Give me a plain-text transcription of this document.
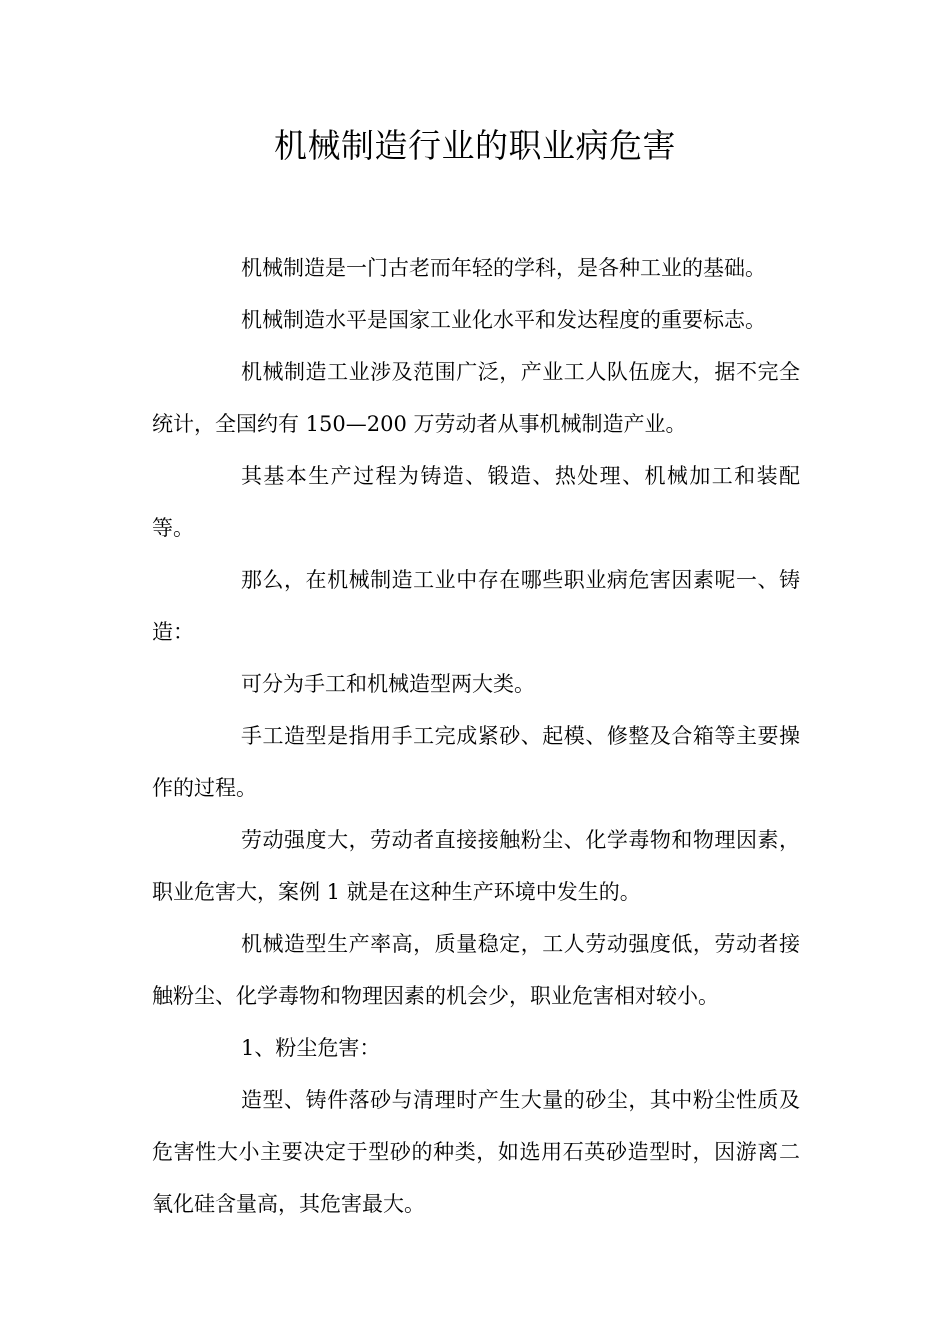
机械制造行业的职业病危害

机械制造是一门古老而年轻的学科，是各种工业的基础。

机械制造水平是国家工业化水平和发达程度的重要标志。

机械制造工业涉及范围广泛，产业工人队伍庞大，据不完全统计，全国约有 150—200 万劳动者从事机械制造产业。

其基本生产过程为铸造、锻造、热处理、机械加工和装配等。

那么，在机械制造工业中存在哪些职业病危害因素呢一、铸造：

可分为手工和机械造型两大类。

手工造型是指用手工完成紧砂、起模、修整及合箱等主要操作的过程。

劳动强度大，劳动者直接接触粉尘、化学毒物和物理因素，职业危害大，案例 1 就是在这种生产环境中发生的。

机械造型生产率高，质量稳定，工人劳动强度低，劳动者接触粉尘、化学毒物和物理因素的机会少，职业危害相对较小。

1、粉尘危害：

造型、铸件落砂与清理时产生大量的砂尘，其中粉尘性质及危害性大小主要决定于型砂的种类，如选用石英砂造型时，因游离二氧化硅含量高，其危害最大。
